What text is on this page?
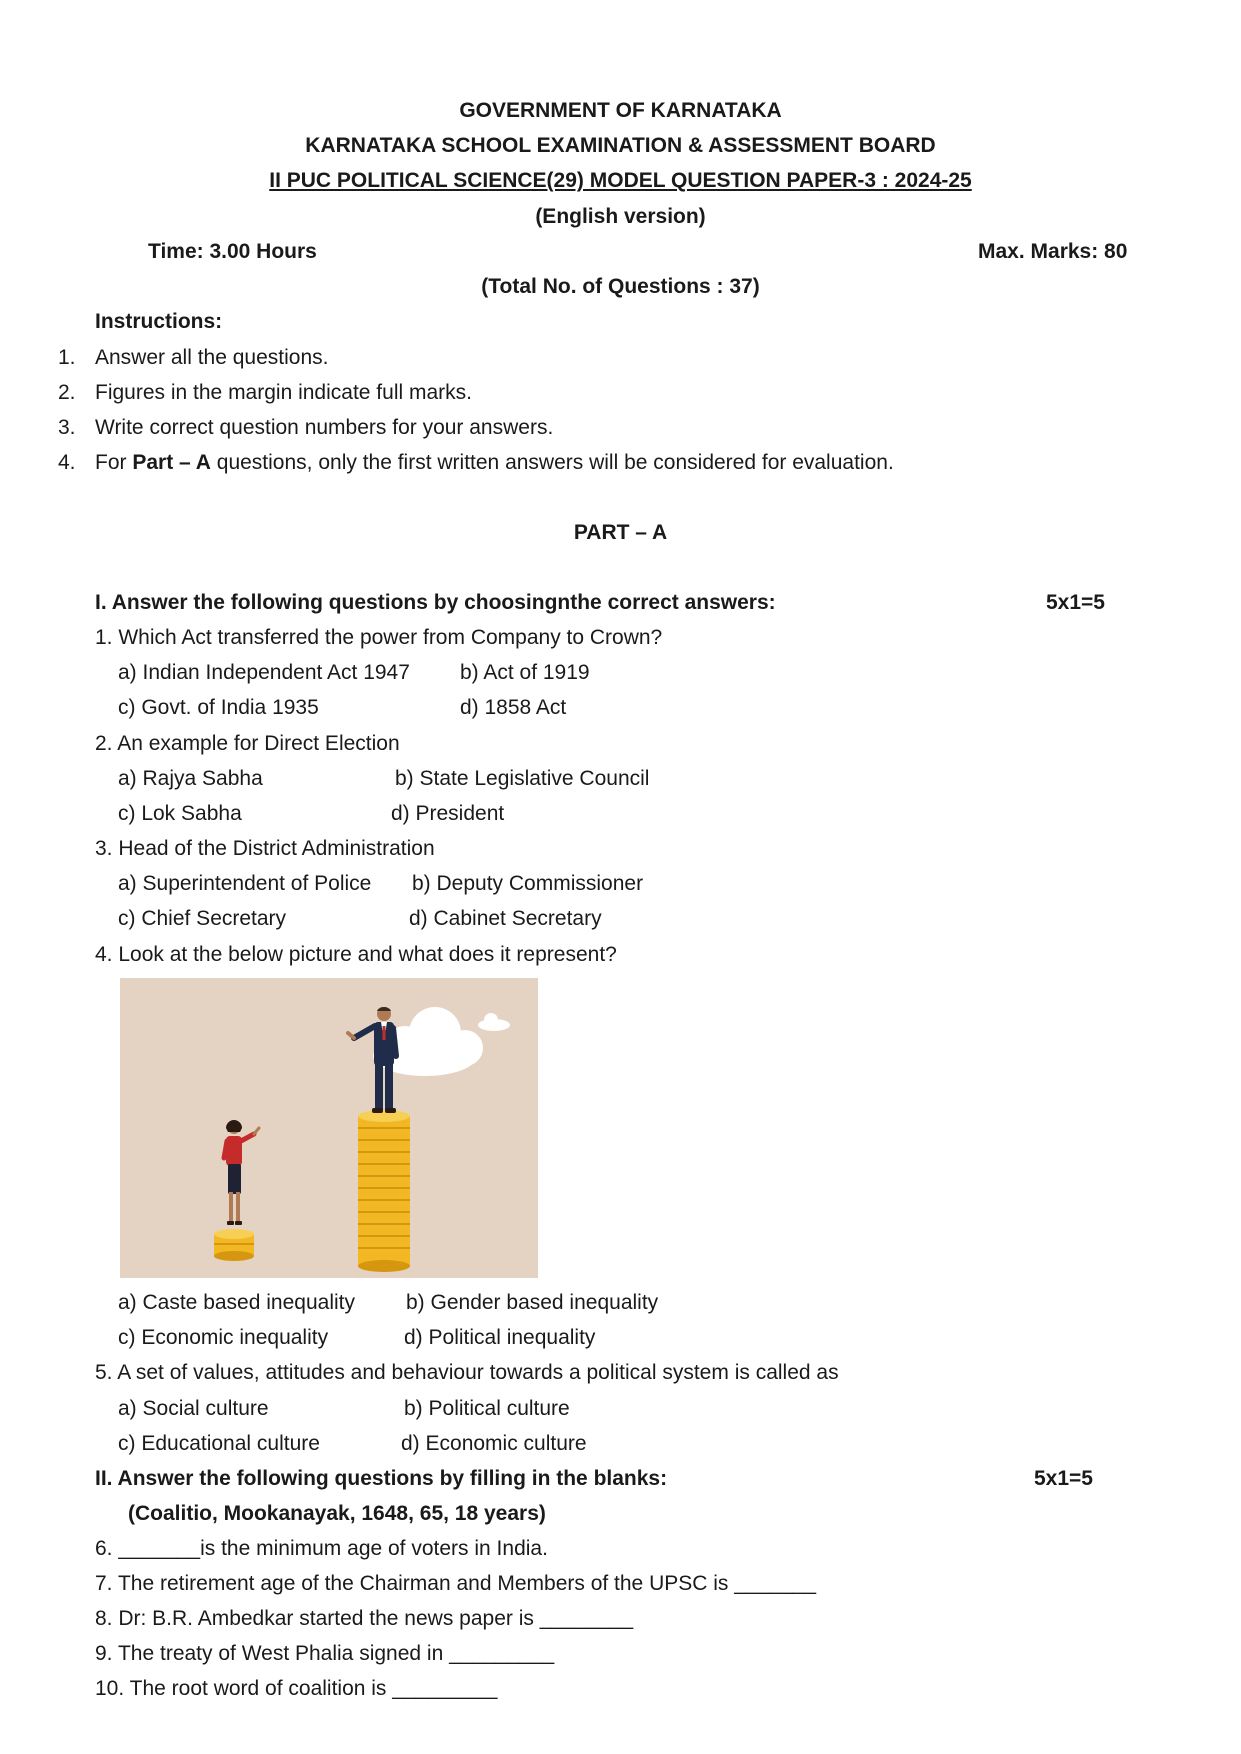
GOVERNMENT OF KARNATAKA
KARNATAKA SCHOOL EXAMINATION & ASSESSMENT BOARD
II PUC POLITICAL SCIENCE(29) MODEL QUESTION PAPER-3 : 2024-25
(English version)
Time: 3.00 Hours	Max. Marks: 80
(Total No. of Questions : 37)
Instructions:
1. Answer all the questions.
2. Figures in the margin indicate full marks.
3. Write correct question numbers for your answers.
4. For Part – A questions, only the first written answers will be considered for evaluation.
PART – A
I. Answer the following questions by choosingnthe correct answers:	5x1=5
1. Which Act transferred the power from Company to Crown?
a) Indian Independent Act 1947 b) Act of 1919
c) Govt. of India 1935	d) 1858 Act
2. An example for Direct Election
a) Rajya Sabha	b) State Legislative Council
c) Lok Sabha	d) President
3. Head of the District Administration
a) Superintendent of Police b) Deputy Commissioner
c) Chief Secretary	d) Cabinet Secretary
4. Look at the below picture and what does it represent?
a) Caste based inequality b) Gender based inequality
c) Economic inequality	d) Political inequality
5. A set of values, attitudes and behaviour towards a political system is called as
a) Social culture	b) Political culture
c) Educational culture	d) Economic culture
II. Answer the following questions by filling in the blanks:	5x1=5
(Coalitio, Mookanayak, 1648, 65, 18 years)
6. _______is the minimum age of voters in India.
7. The retirement age of the Chairman and Members of the UPSC is _______
8. Dr: B.R. Ambedkar started the news paper is ________
9. The treaty of West Phalia signed in _________
10. The root word of coalition is _________
